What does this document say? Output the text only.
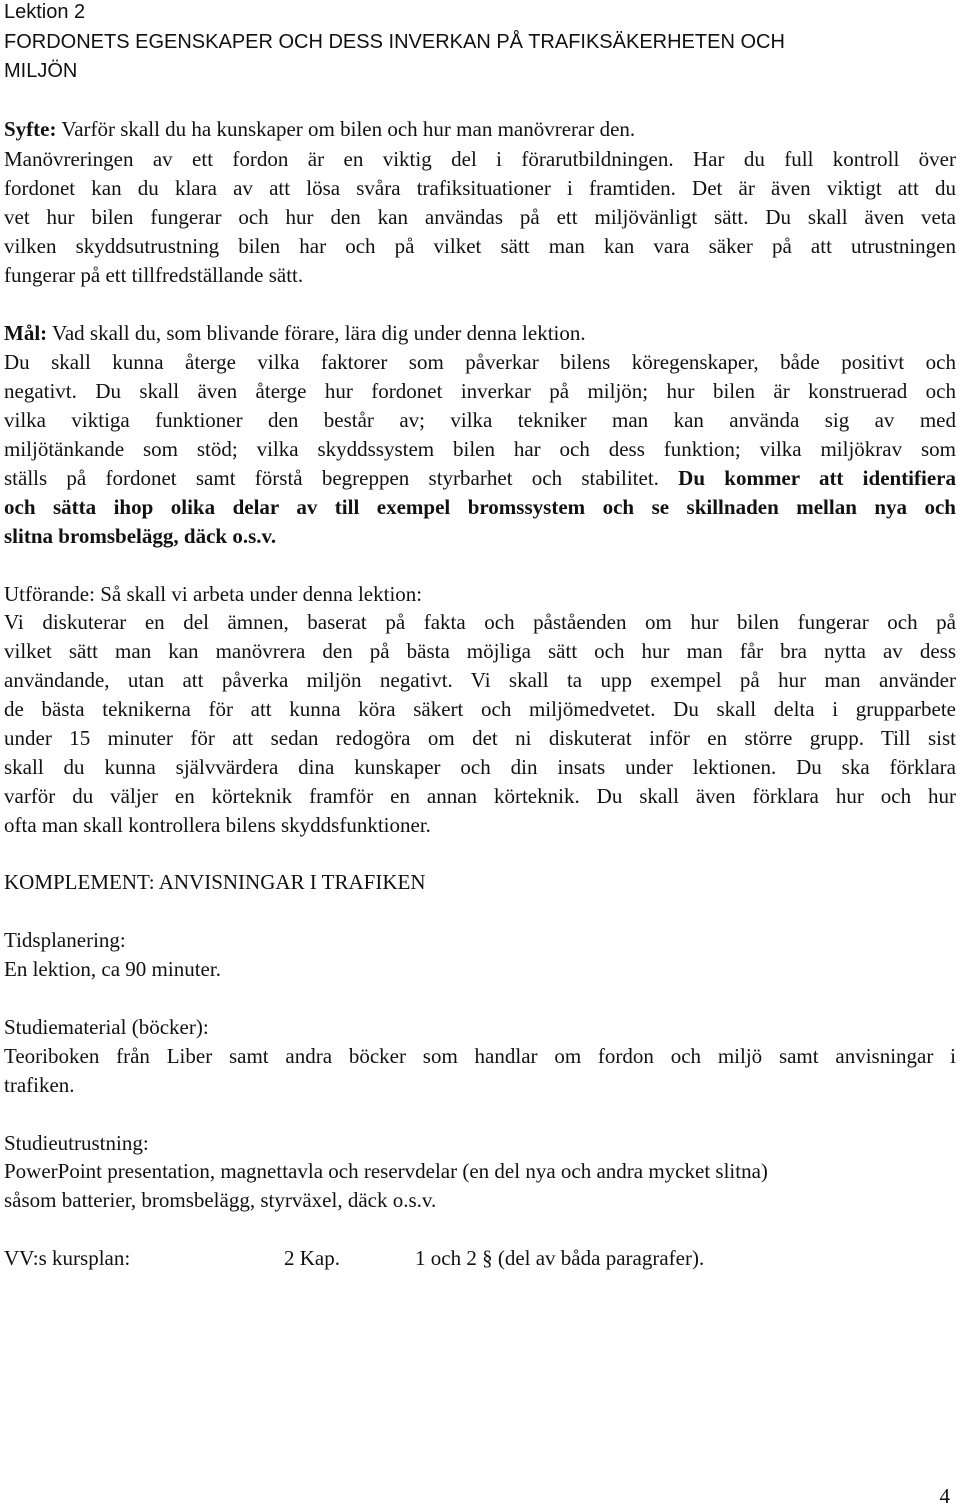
Lektion 2
FORDONETS EGENSKAPER OCH DESS INVERKAN PÅ TRAFIKSÄKERHETEN OCH
MILJÖN
Syfte: Varför skall du ha kunskaper om bilen och hur man manövrerar den.
Manövreringen av ett fordon är en viktig del i förarutbildningen. Har du full kontroll över
fordonet kan du klara av att lösa svåra trafiksituationer i framtiden. Det är även viktigt att du
vet hur bilen fungerar och hur den kan användas på ett miljövänligt sätt. Du skall även veta
vilken skyddsutrustning bilen har och på vilket sätt man kan vara säker på att utrustningen
fungerar på ett tillfredställande sätt.
Mål: Vad skall du, som blivande förare, lära dig under denna lektion.
Du skall kunna återge vilka faktorer som påverkar bilens köregenskaper, både positivt och
negativt. Du skall även återge hur fordonet inverkar på miljön; hur bilen är konstruerad och
vilka viktiga funktioner den består av; vilka tekniker man kan använda sig av med
miljötänkande som stöd; vilka skyddssystem bilen har och dess funktion; vilka miljökrav som
ställs på fordonet samt förstå begreppen styrbarhet och stabilitet. Du kommer att identifiera
och sätta ihop olika delar av till exempel bromssystem och se skillnaden mellan nya och
slitna bromsbelägg, däck o.s.v.
Utförande: Så skall vi arbeta under denna lektion:
Vi diskuterar en del ämnen, baserat på fakta och påståenden om hur bilen fungerar och på
vilket sätt man kan manövrera den på bästa möjliga sätt och hur man får bra nytta av dess
användande, utan att påverka miljön negativt. Vi skall ta upp exempel på hur man använder
de bästa teknikerna för att kunna köra säkert och miljömedvetet. Du skall delta i grupparbete
under 15 minuter för att sedan redogöra om det ni diskuterat inför en större grupp. Till sist
skall du kunna självvärdera dina kunskaper och din insats under lektionen. Du ska förklara
varför du väljer en körteknik framför en annan körteknik. Du skall även förklara hur och hur
ofta man skall kontrollera bilens skyddsfunktioner.
KOMPLEMENT: ANVISNINGAR I TRAFIKEN
Tidsplanering:
En lektion, ca 90 minuter.
Studiematerial (böcker):
Teoriboken från Liber samt andra böcker som handlar om fordon och miljö samt anvisningar i
trafiken.
Studieutrustning:
PowerPoint presentation, magnettavla och reservdelar (en del nya och andra mycket slitna)
såsom batterier, bromsbelägg, styrväxel, däck o.s.v.
VV:s kursplan:	2 Kap.	1 och 2 § (del av båda paragrafer).
4
